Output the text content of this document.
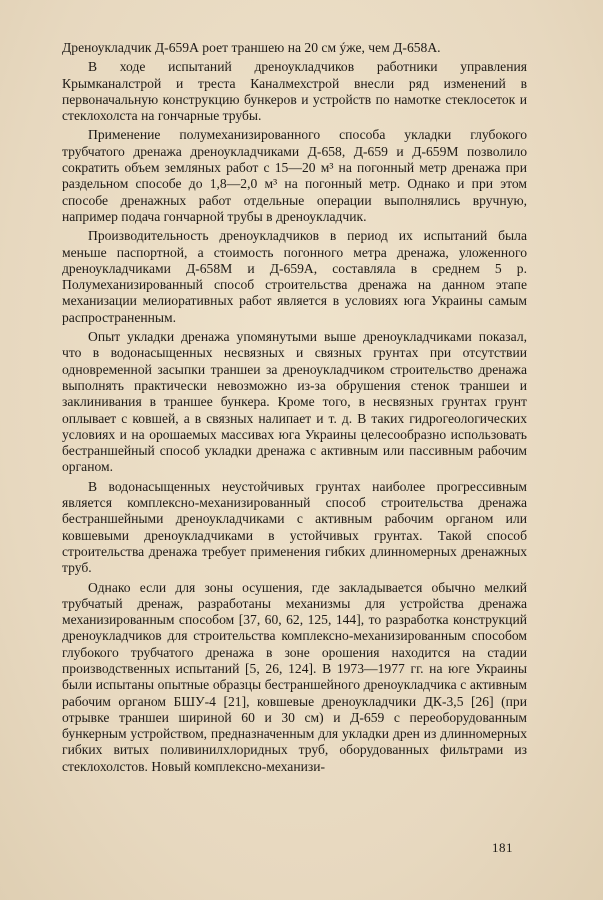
Дреноукладчик Д-659А роет траншею на 20 см ýже, чем Д-658А.

В ходе испытаний дреноукладчиков работники управления Крымканалстрой и треста Каналмехстрой внесли ряд изменений в первоначальную конструкцию бункеров и устройств по намотке стеклосеток и стеклохолста на гончарные трубы.

Применение полумеханизированного способа укладки глубокого трубчатого дренажа дреноукладчиками Д-658, Д-659 и Д-659М позволило сократить объем земляных работ с 15—20 м³ на погонный метр дренажа при раздельном способе до 1,8—2,0 м³ на погонный метр. Однако и при этом способе дренажных работ отдельные операции выполнялись вручную, например подача гончарной трубы в дреноукладчик.

Производительность дреноукладчиков в период их испытаний была меньше паспортной, а стоимость погонного метра дренажа, уложенного дреноукладчиками Д-658М и Д-659А, составляла в среднем 5 р. Полумеханизированный способ строительства дренажа на данном этапе механизации мелиоративных работ является в условиях юга Украины самым распространенным.

Опыт укладки дренажа упомянутыми выше дреноукладчиками показал, что в водонасыщенных несвязных и связных грунтах при отсутствии одновременной засыпки траншеи за дреноукладчиком строительство дренажа выполнять практически невозможно из-за обрушения стенок траншеи и заклинивания в траншее бункера. Кроме того, в несвязных грунтах грунт оплывает с ковшей, а в связных налипает и т. д. В таких гидрогеологических условиях и на орошаемых массивах юга Украины целесообразно использовать бестраншейный способ укладки дренажа с активным или пассивным рабочим органом.

В водонасыщенных неустойчивых грунтах наиболее прогрессивным является комплексно-механизированный способ строительства дренажа бестраншейными дреноукладчиками с активным рабочим органом или ковшевыми дреноукладчиками в устойчивых грунтах. Такой способ строительства дренажа требует применения гибких длинномерных дренажных труб.

Однако если для зоны осушения, где закладывается обычно мелкий трубчатый дренаж, разработаны механизмы для устройства дренажа механизированным способом [37, 60, 62, 125, 144], то разработка конструкций дреноукладчиков для строительства комплексно-механизированным способом глубокого трубчатого дренажа в зоне орошения находится на стадии производственных испытаний [5, 26, 124]. В 1973—1977 гг. на юге Украины были испытаны опытные образцы бестраншейного дреноукладчика с активным рабочим органом БШУ-4 [21], ковшевые дреноукладчики ДК-3,5 [26] (при отрывке траншеи шириной 60 и 30 см) и Д-659 с переоборудованным бункерным устройством, предназначенным для укладки дрен из длинномерных гибких витых поливинилхлоридных труб, оборудованных фильтрами из стеклохолстов. Новый комплексно-механизи-

181
